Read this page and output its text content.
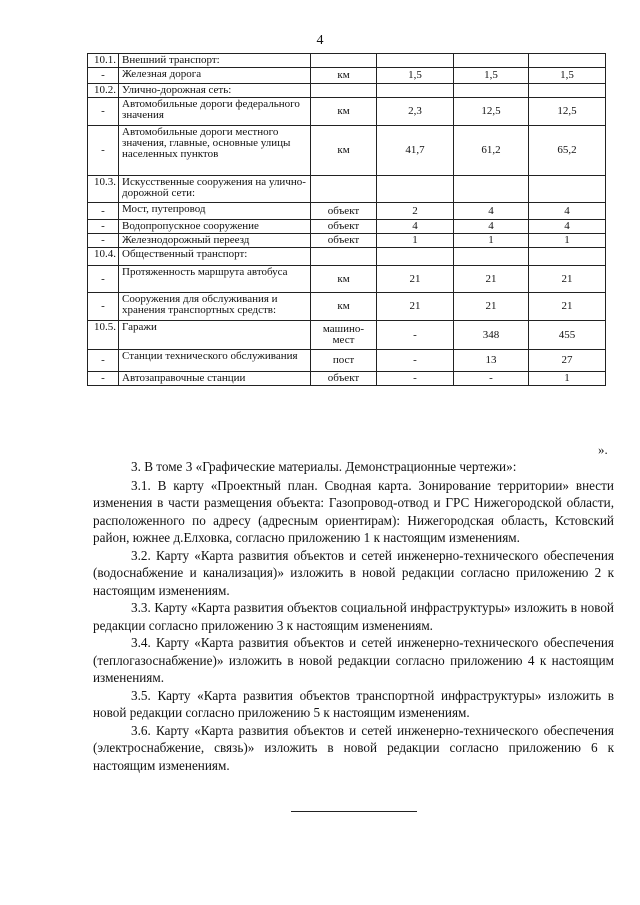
4
10.1.	Внешний транспорт:				
-	Железная дорога	км	1,5	1,5	1,5
10.2.	Улично-дорожная сеть:				
-	Автомобильные дороги федерального значения	км	2,3	12,5	12,5
-	Автомобильные дороги местного значения, главные, основные улицы населенных пунктов	км	41,7	61,2	65,2
10.3.	Искусственные сооружения на улично-дорожной сети:				
-	Мост, путепровод	объект	2	4	4
-	Водопропускное сооружение	объект	4	4	4
-	Железнодорожный переезд	объект	1	1	1
10.4.	Общественный транспорт:				
-	Протяженность маршрута автобуса	км	21	21	21
-	Сооружения для обслуживания и хранения транспортных средств:	км	21	21	21
10.5.	Гаражи	машино-мест	-	348	455
-	Станции технического обслуживания	пост	-	13	27
-	Автозаправочные станции	объект	-	-	1
».

3. В томе 3 «Графические материалы. Демонстрационные чертежи»:

3.1. В карту «Проектный план. Сводная карта. Зонирование территории» внести изменения в части размещения объекта: Газопровод-отвод и ГРС Нижегородской области, расположенного по адресу (адресным ориентирам): Нижегородская область, Кстовский район, южнее д.Елховка, согласно приложению 1 к настоящим изменениям.

3.2. Карту «Карта развития объектов и сетей инженерно-технического обеспечения (водоснабжение и канализация)» изложить в новой редакции согласно приложению 2 к настоящим изменениям.

3.3. Карту «Карта развития объектов социальной инфраструктуры» изложить в новой редакции согласно приложению 3 к настоящим изменениям.

3.4. Карту «Карта развития объектов и сетей инженерно-технического обеспечения (теплогазоснабжение)» изложить в новой редакции согласно приложению 4 к настоящим изменениям.

3.5. Карту «Карта развития объектов транспортной инфраструктуры» изложить в новой редакции согласно приложению 5 к настоящим изменениям.

3.6. Карту «Карта развития объектов и сетей инженерно-технического обеспечения (электроснабжение, связь)» изложить в новой редакции согласно приложению 6 к настоящим изменениям.
